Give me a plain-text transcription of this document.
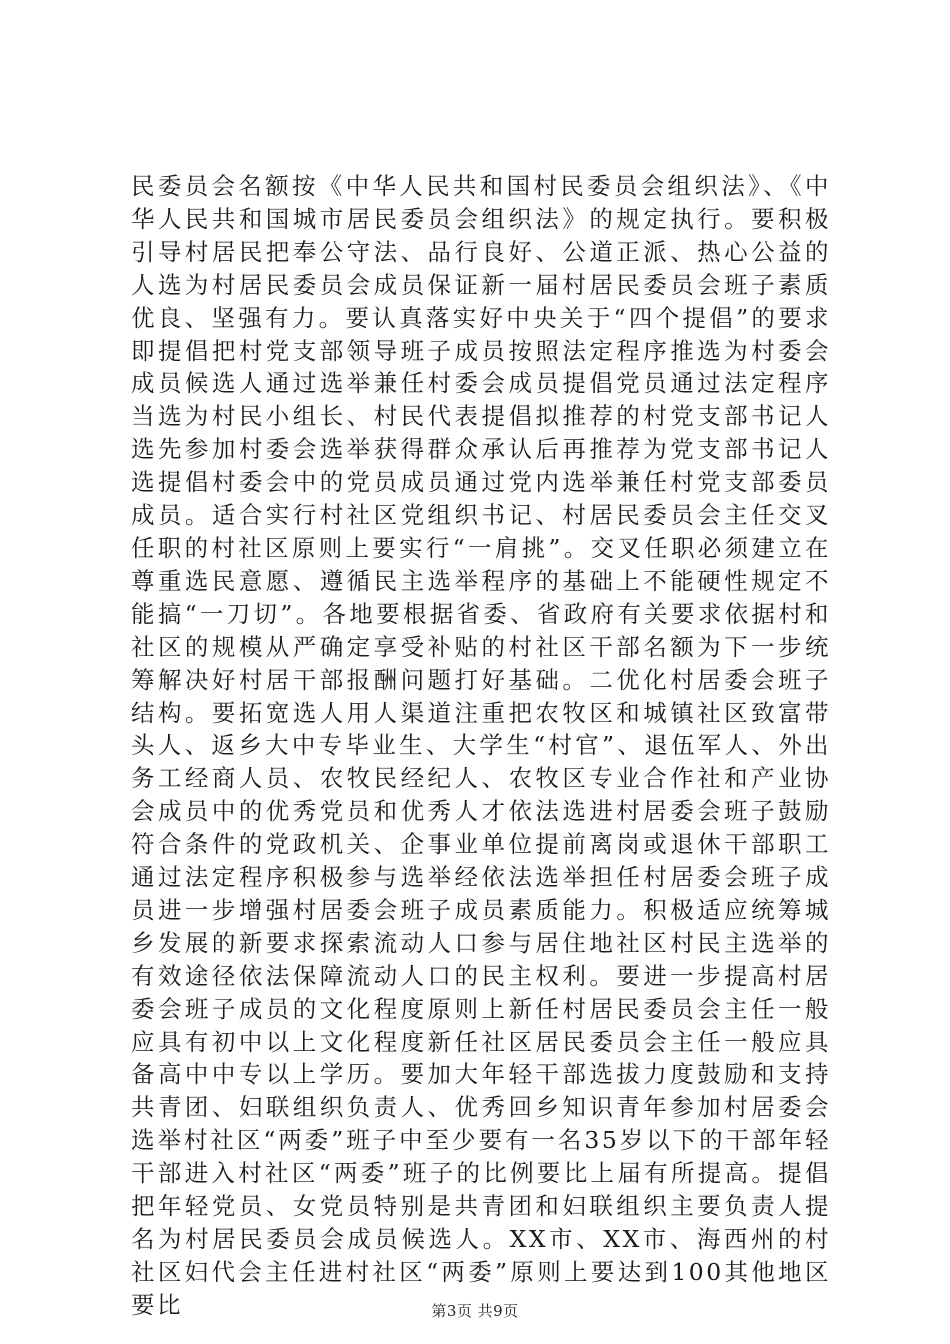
民委员会名额按《中华人民共和国村民委员会组织法》、《中华人民共和国城市居民委员会组织法》的规定执行。要积极引导村居民把奉公守法、品行良好、公道正派、热心公益的人选为村居民委员会成员保证新一届村居民委员会班子素质优良、坚强有力。要认真落实好中央关于“四个提倡”的要求即提倡把村党支部领导班子成员按照法定程序推选为村委会成员候选人通过选举兼任村委会成员提倡党员通过法定程序当选为村民小组长、村民代表提倡拟推荐的村党支部书记人选先参加村委会选举获得群众承认后再推荐为党支部书记人选提倡村委会中的党员成员通过党内选举兼任村党支部委员成员。适合实行村社区党组织书记、村居民委员会主任交叉任职的村社区原则上要实行“一肩挑”。交叉任职必须建立在尊重选民意愿、遵循民主选举程序的基础上不能硬性规定不能搞“一刀切”。各地要根据省委、省政府有关要求依据村和社区的规模从严确定享受补贴的村社区干部名额为下一步统筹解决好村居干部报酬问题打好基础。二优化村居委会班子结构。要拓宽选人用人渠道注重把农牧区和城镇社区致富带头人、返乡大中专毕业生、大学生“村官”、退伍军人、外出务工经商人员、农牧民经纪人、农牧区专业合作社和产业协会成员中的优秀党员和优秀人才依法选进村居委会班子鼓励符合条件的党政机关、企事业单位提前离岗或退休干部职工通过法定程序积极参与选举经依法选举担任村居委会班子成员进一步增强村居委会班子成员素质能力。积极适应统筹城乡发展的新要求探索流动人口参与居住地社区村民主选举的有效途径依法保障流动人口的民主权利。要进一步提高村居委会班子成员的文化程度原则上新任村居民委员会主任一般应具有初中以上文化程度新任社区居民委员会主任一般应具备高中中专以上学历。要加大年轻干部选拔力度鼓励和支持共青团、妇联组织负责人、优秀回乡知识青年参加村居委会选举村社区“两委”班子中至少要有一名35岁以下的干部年轻干部进入村社区“两委”班子的比例要比上届有所提高。提倡把年轻党员、女党员特别是共青团和妇联组织主要负责人提名为村居民委员会成员候选人。XX市、XX市、海西州的村社区妇代会主任进村社区“两委”原则上要达到100其他地区要比	第3页 共9页
